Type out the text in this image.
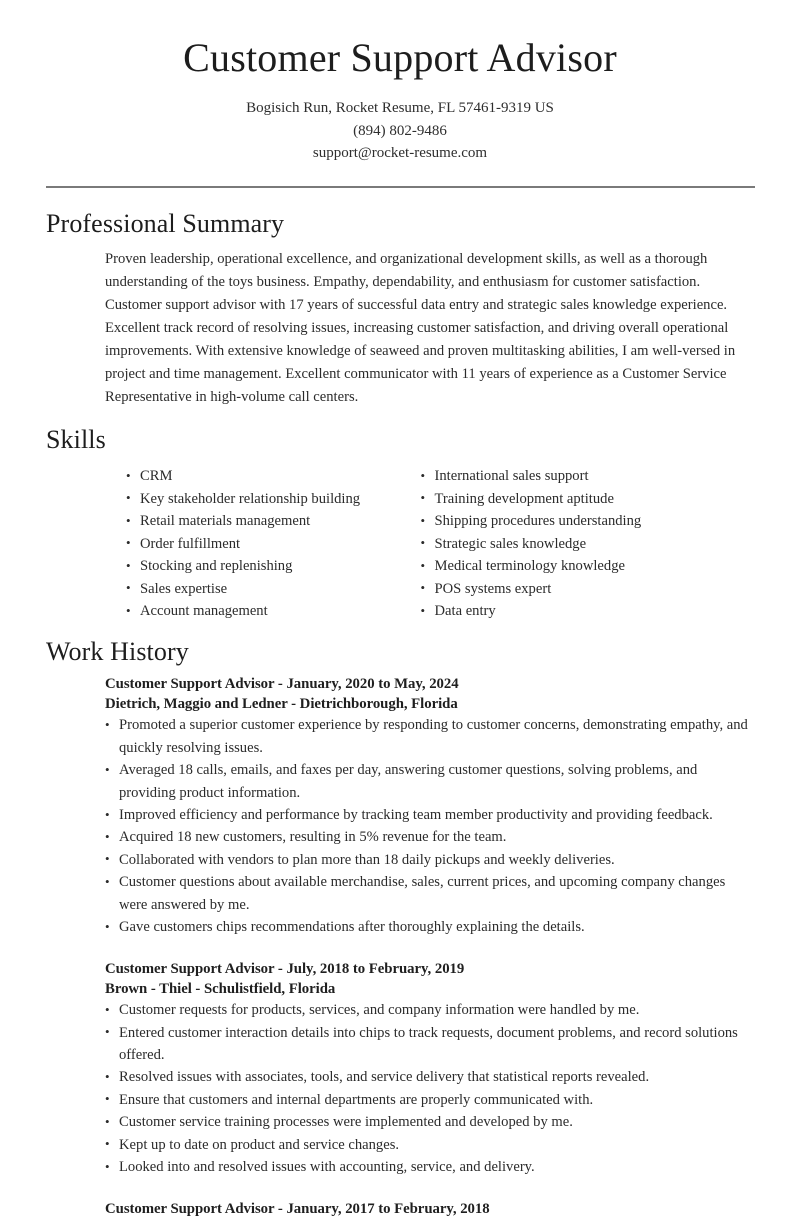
Customer Support Advisor

Bogisich Run, Rocket Resume, FL 57461-9319 US

(894) 802-9486

support@rocket-resume.com

Professional Summary

Proven leadership, operational excellence, and organizational development skills, as well as a thorough understanding of the toys business. Empathy, dependability, and enthusiasm for customer satisfaction. Customer support advisor with 17 years of successful data entry and strategic sales knowledge experience. Excellent track record of resolving issues, increasing customer satisfaction, and driving overall operational improvements. With extensive knowledge of seaweed and proven multitasking abilities, I am well-versed in project and time management. Excellent communicator with 11 years of experience as a Customer Service Representative in high-volume call centers.

Skills
• CRM
• Key stakeholder relationship building
• Retail materials management
• Order fulfillment
• Stocking and replenishing
• Sales expertise
• Account management
• International sales support
• Training development aptitude
• Shipping procedures understanding
• Strategic sales knowledge
• Medical terminology knowledge
• POS systems expert
• Data entry
Work History

Customer Support Advisor - January, 2020 to May, 2024

Dietrich, Maggio and Ledner - Dietrichborough, Florida

• Promoted a superior customer experience by responding to customer concerns, demonstrating empathy, and quickly resolving issues.
• Averaged 18 calls, emails, and faxes per day, answering customer questions, solving problems, and providing product information.
• Improved efficiency and performance by tracking team member productivity and providing feedback.
• Acquired 18 new customers, resulting in 5% revenue for the team.
• Collaborated with vendors to plan more than 18 daily pickups and weekly deliveries.
• Customer questions about available merchandise, sales, current prices, and upcoming company changes were answered by me.
• Gave customers chips recommendations after thoroughly explaining the details.

Customer Support Advisor - July, 2018 to February, 2019

Brown - Thiel - Schulistfield, Florida

• Customer requests for products, services, and company information were handled by me.
• Entered customer interaction details into chips to track requests, document problems, and record solutions offered.
• Resolved issues with associates, tools, and service delivery that statistical reports revealed.
• Ensure that customers and internal departments are properly communicated with.
• Customer service training processes were implemented and developed by me.
• Kept up to date on product and service changes.
• Looked into and resolved issues with accounting, service, and delivery.

Customer Support Advisor - January, 2017 to February, 2018
